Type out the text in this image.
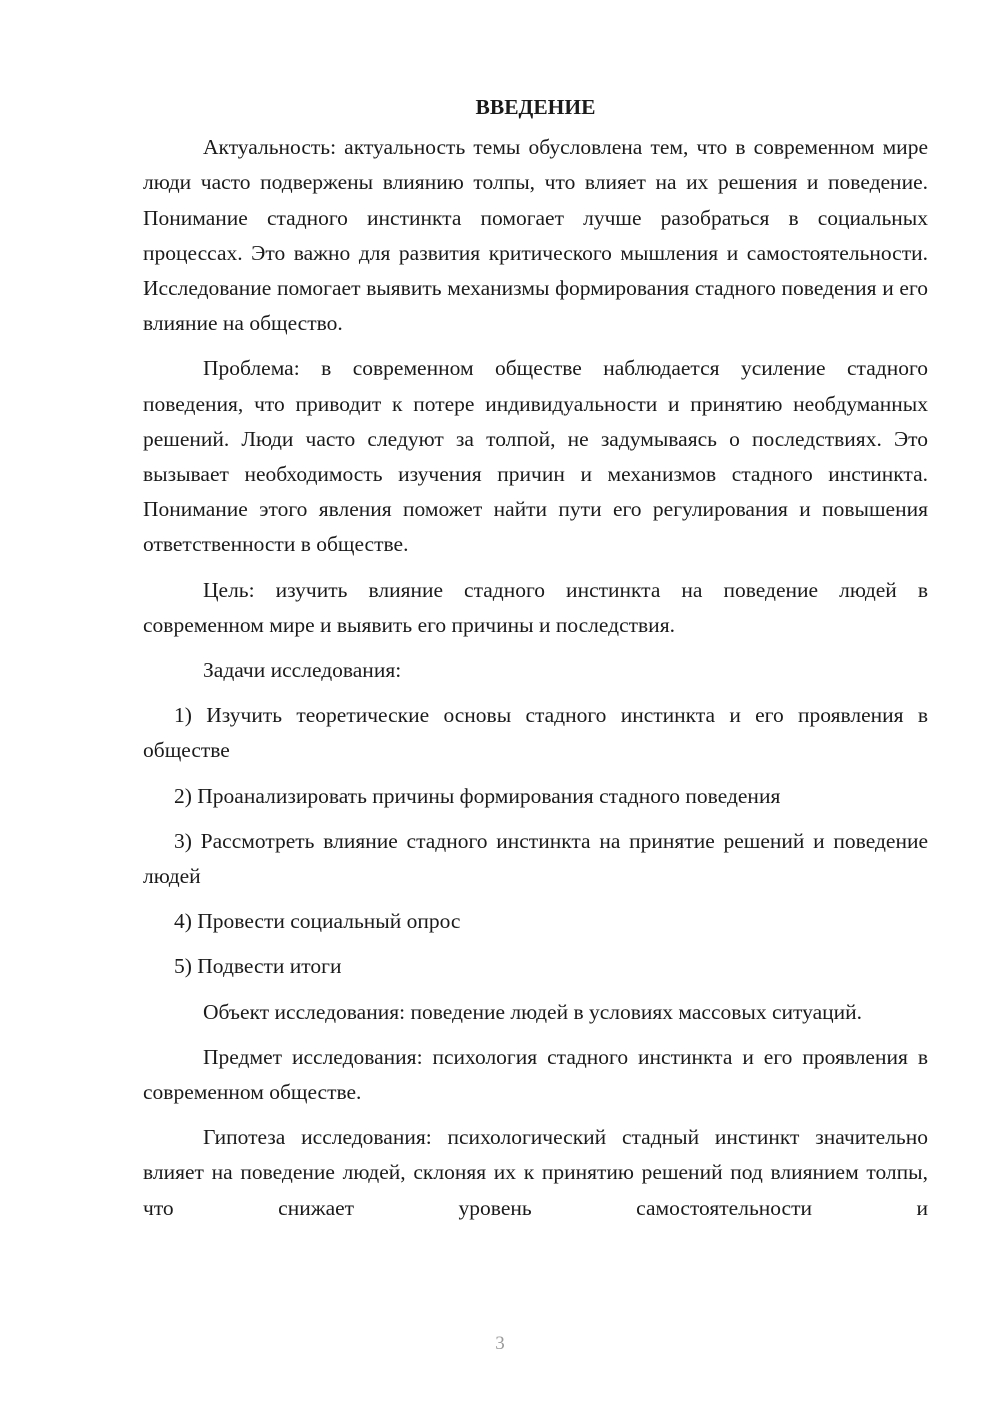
ВВЕДЕНИЕ

Актуальность: актуальность темы обусловлена тем, что в современном мире люди часто подвержены влиянию толпы, что влияет на их решения и поведение. Понимание стадного инстинкта помогает лучше разобраться в социальных процессах. Это важно для развития критического мышления и самостоятельности. Исследование помогает выявить механизмы формирования стадного поведения и его влияние на общество.

Проблема: в современном обществе наблюдается усиление стадного поведения, что приводит к потере индивидуальности и принятию необдуманных решений. Люди часто следуют за толпой, не задумываясь о последствиях. Это вызывает необходимость изучения причин и механизмов стадного инстинкта. Понимание этого явления поможет найти пути его регулирования и повышения ответственности в обществе.

Цель: изучить влияние стадного инстинкта на поведение людей в современном мире и выявить его причины и последствия.

Задачи исследования:

1) Изучить теоретические основы стадного инстинкта и его проявления в обществе

2) Проанализировать причины формирования стадного поведения

3) Рассмотреть влияние стадного инстинкта на принятие решений и поведение людей

4) Провести социальный опрос

5) Подвести итоги

Объект исследования: поведение людей в условиях массовых ситуаций.

Предмет исследования: психология стадного инстинкта и его проявления в современном обществе.

Гипотеза исследования: психологический стадный инстинкт значительно влияет на поведение людей, склоняя их к принятию решений под влиянием толпы, что снижает уровень самостоятельности и

3
